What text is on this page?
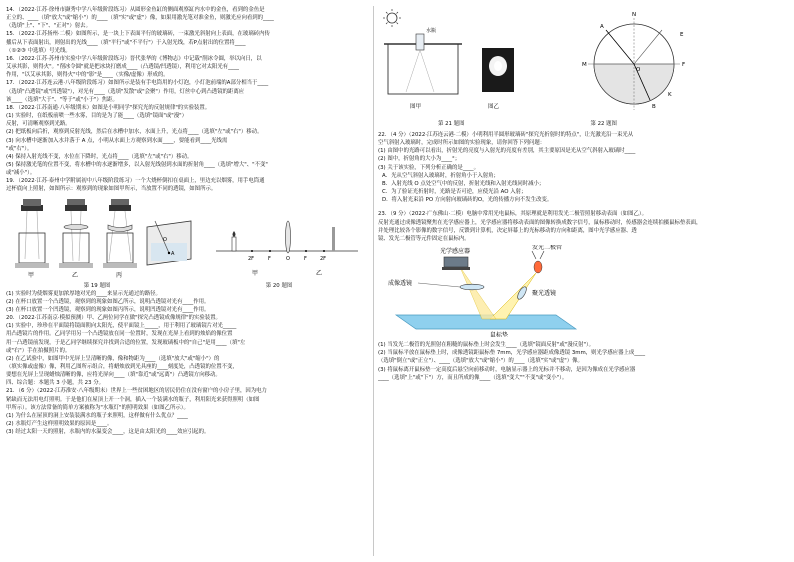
14．（2022·江苏·徐州市撷秀中学八年级阶段练习）从圆形金鱼缸的侧面观察缸内水中的金鱼，看到的金鱼是
正立的、____（填"放大"或"缩小"）的____（填"实"或"虚"）像，如果用激光笔对准金鱼，则激光应向看到的____
（选填"上"、"下"、"正对"）射去。
15．（2022·江苏扬州·二模）如图所示，是一块上下表面平行的玻璃砖，一束激光斜射向上表面，在玻璃砖内传
播后从下表面射出，则射出的光线____（填"平行"或"不平行"）于入射光线，若P点射出的位置将____
（①②③ 中选填）号光线。
16．（2022·江苏·苏州市实验中学八年级阶段练习）晋代张华的《博物志》中记载"削冰令圆，举以向日，以
艾承其影，则得火"。"削冰令圆"就是把冰块打磨成____（凸透镜/凹透镜），利用它对太阳光有____
作用，"以艾承其影，则得火"中的"影"是____（实像/虚像）形成的。
17．（2022·江苏连云港·八年级阶段练习）如图所示是装有手电筒用的小灯泡，小灯泡前端的A部分相当于____
（选填"凸透镜"或"凹透镜"），对光有____（选填"发散"或"会聚"）作用，灯丝中心到凸透镜的距离应
该____（选填"大于"、"等于"或"小于"）焦距。
18．（2022·江苏南通·八年级期末）如图是小明同学"探究光的反射规律"的实验装置。
(1) 实验时，在纸板前喷一些水雾，目的是为了能____（选填"镜面"或"漫"）
反射，可清晰观察到光路。
(2) 把纸板向后折，观察到反射光线，然后在水槽中加水，水面上升，光点将____（选填"左"或"右"）移动。
(3) 向水槽中逐渐加入水并落于 A 点，小明从水面上方观察到水面____，要能看到____光线需
"或"右"）。
(4) 保持入射光线不变，水位在下降时，光点将____（选填"左"或"右"）移动。
(5) 保持激光笔的位置不变，将水槽中的水逐渐增多，以入射光线射到水面的折射角____（选填"增大"、"不变"
或"减小"）。
19．（2022·江苏·泰州中学附属初中八年级阶段练习）一个大烧杯倒扣在桌面上，里边充以烟雾，用手电筒通
过杯底向上照射，如图所示：观察到的现象如图甲所示，当放置不同的透镜，如图所示。
甲	乙	丙
A
O
2F	F	O	F	2F
甲	乙
第 19 题图	第 20 题图
(1) 实验时为使烟雾更加浓厚地对光的____来显示光通过的路径。
(2) 在杯口放置一个凸透镜，观察到的现象如图乙所示，说明凸透镜对光有____作用。
(3) 在杯口放置一个凹透镜，观察到的现象如图丙所示，说明凹透镜对光有____作用。
20．（2022·江苏南京·模拟预测）甲、乙两位同学在做"探究凸透镜成像规律"的实验装置。
(1) 实验中，珍珍在平面镜将镜面朝向太阳光，使平面镜上_____，用于利用了玻璃镜片对光_____
用凸透镜片的作用。乙同学用另一个凸透镜放在同一位置时，发现在光屏上看到的烛焰的像位置
用一凸透镜前发现，于是乙同学继续探究并找到合适的位置，发现玻璃板中的"自己"是用____（填"左
或"右"）手在拍摄照片的。
(2) 在乙试验中，如图甲中光屏上呈清晰的像，像和物距为____（选填"放大"或"缩小"）的
（填实像或虚像）像，利用乙图所示组合，将蜡烛放到光具座的____刻度处，凸透镜的位置不变，
要想在光屏上呈现蜡烛清晰的像，应将光屏向____（填"靠近"或"远离"）凸透镜方向移动。
四、综合题：本题共 3 小题，共 23 分。
21．（6 分）（2022·江苏淮安·八年级期末）世界上一些贫困地区的居民仍住在没有窗户的小房子里，因为电力
紧缺而无法用电灯照明。于是他们在屋顶上开一个洞，插入一个装满水的瓶子，利用阳光来获得照明（如图
甲所示）。该方法常备的简单方案被称为"水瓶灯"的照明效果（如图乙所示）。
(1) 为什么在屋顶的洞上安装装满水的瓶子来照明，这样做有什么优点？____
(2) 水瓶灯产生这样照明效果的原因是____。
(3) 经过太阳一天的照射，水瓶内的水温变会____，这是由太阳光的____效应引起的。
水瓶
图甲	图乙
N
E
M	F
O
A
B
K
第 21 题图	第 22 题图
22．（4 分）（2022·江苏连云港·二模）小明利用半圆形玻璃砖"探究光折射时的特点"，让光激光沿一束光从
空气斜射入玻璃时，完成时所示如图的实验现象，请你回答下列问题：
(1) 由图中的光路可以看出，折射光的亮度与入射光的亮度有差别，其主要原因是光从空气斜射入玻璃时____
(2) 图中，折射角的大小为____°；
(3) 关于该实验，下列分析正确的是____。
A．光从空气斜射入玻璃时，折射角小于入射角；
B．入射光线 O 点处空气中的反射，折射光线和入射光线同时减小；
C．为了验证光折射时，光路是否可逆，应使光沿 AO 入射；
D．将入射光束沿 PO 方向射向玻璃砖的O，光的传播方向不发生改变。
23．（9 分）（2022·广东佛山·二模）电脑中常用光电鼠标，其原理就是利用发光二极管照射移动表面（如图乙）。
反射光通过成像透镜聚焦在光学感应器上，光学感应器将移动表面的图像转换成数字信号，鼠标移动时，传感器会连续拍摄鼠标垫表面，
并处理比较各个影像的数字信号，反馈到计算机，决定屏幕上的光标移动的方向和距离，图中光学感应器、透
镜、发光二极管等元件固定在鼠标内。
光学感应器
发光二极管
成像透镜
聚光透镜
鼠标垫
(1) 当发光二极管的光照射在粗糙的鼠标垫上时会发生____（选填"镜面反射"或"漫反射"）。
(2) 当鼠标平放在鼠标垫上时，成像透镜距鼠标垫 7mm，光学感应器距成像透镜 3mm，则光学感应器上成____
（选填"倒立"或"正立"）、____（选填"放大"或"缩小"）的____（选填"实"或"虚"）像。
(3) 将鼠标离开鼠标垫一定高度后悬空向前移动时，电脑显示器上的光标并不移动，是因为像成在光学感应器
____（选填"上"或"下"）方，而且所成的像____（选填"变大""不变"或"变小"）。
